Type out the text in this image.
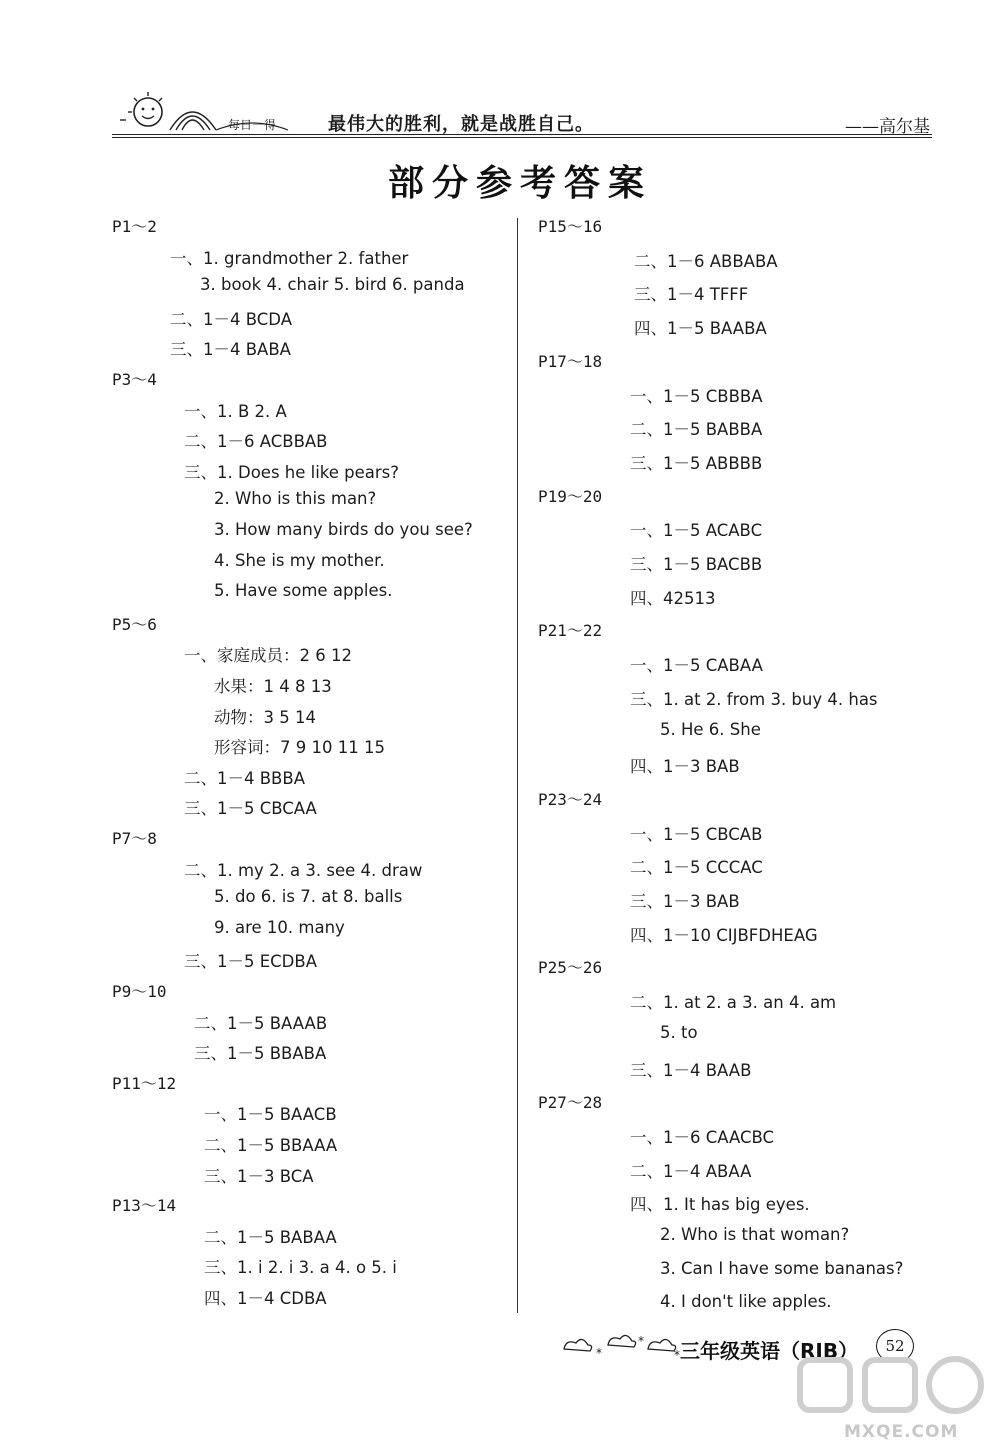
每日一得	最伟大的胜利，就是战胜自己。	——高尔基
部分参考答案
P1～2
一、1. grandmother 2. father
3. book 4. chair 5. bird 6. panda
二、1－4 BCDA
三、1－4 BABA
P3～4
一、1. B 2. A
二、1－6 ACBBAB
三、1. Does he like pears?
2. Who is this man?
3. How many birds do you see?
4. She is my mother.
5. Have some apples.
P5～6
一、家庭成员：2 6 12
水果：1 4 8 13
动物：3 5 14
形容词：7 9 10 11 15
二、1－4 BBBA
三、1－5 CBCAA
P7～8
二、1. my 2. a 3. see 4. draw
5. do 6. is 7. at 8. balls
9. are 10. many
三、1－5 ECDBA
P9～10
二、1－5 BAAAB
三、1－5 BBABA
P11～12
一、1－5 BAACB
二、1－5 BBAAA
三、1－3 BCA
P13～14
二、1－5 BABAA
三、1. i 2. i 3. a 4. o 5. i
四、1－4 CDBA
P15～16
二、1－6 ABBABA
三、1－4 TFFF
四、1－5 BAABA
P17～18
一、1－5 CBBBA
二、1－5 BABBA
三、1－5 ABBBB
P19～20
一、1－5 ACABC
三、1－5 BACBB
四、42513
P21～22
一、1－5 CABAA
三、1. at 2. from 3. buy 4. has
5. He 6. She
四、1－3 BAB
P23～24
一、1－5 CBCAB
二、1－5 CCCAC
三、1－3 BAB
四、1－10 CIJBFDHEAG
P25～26
二、1. at 2. a 3. an 4. am
5. to
三、1－4 BAAB
P27～28
一、1－6 CAACBC
二、1－4 ABAA
四、1. It has big eyes.
2. Who is that woman?
3. Can I have some bananas?
4. I don't like apples.
*
*
* 三年级英语（RJB）	52
MXQE.COM
